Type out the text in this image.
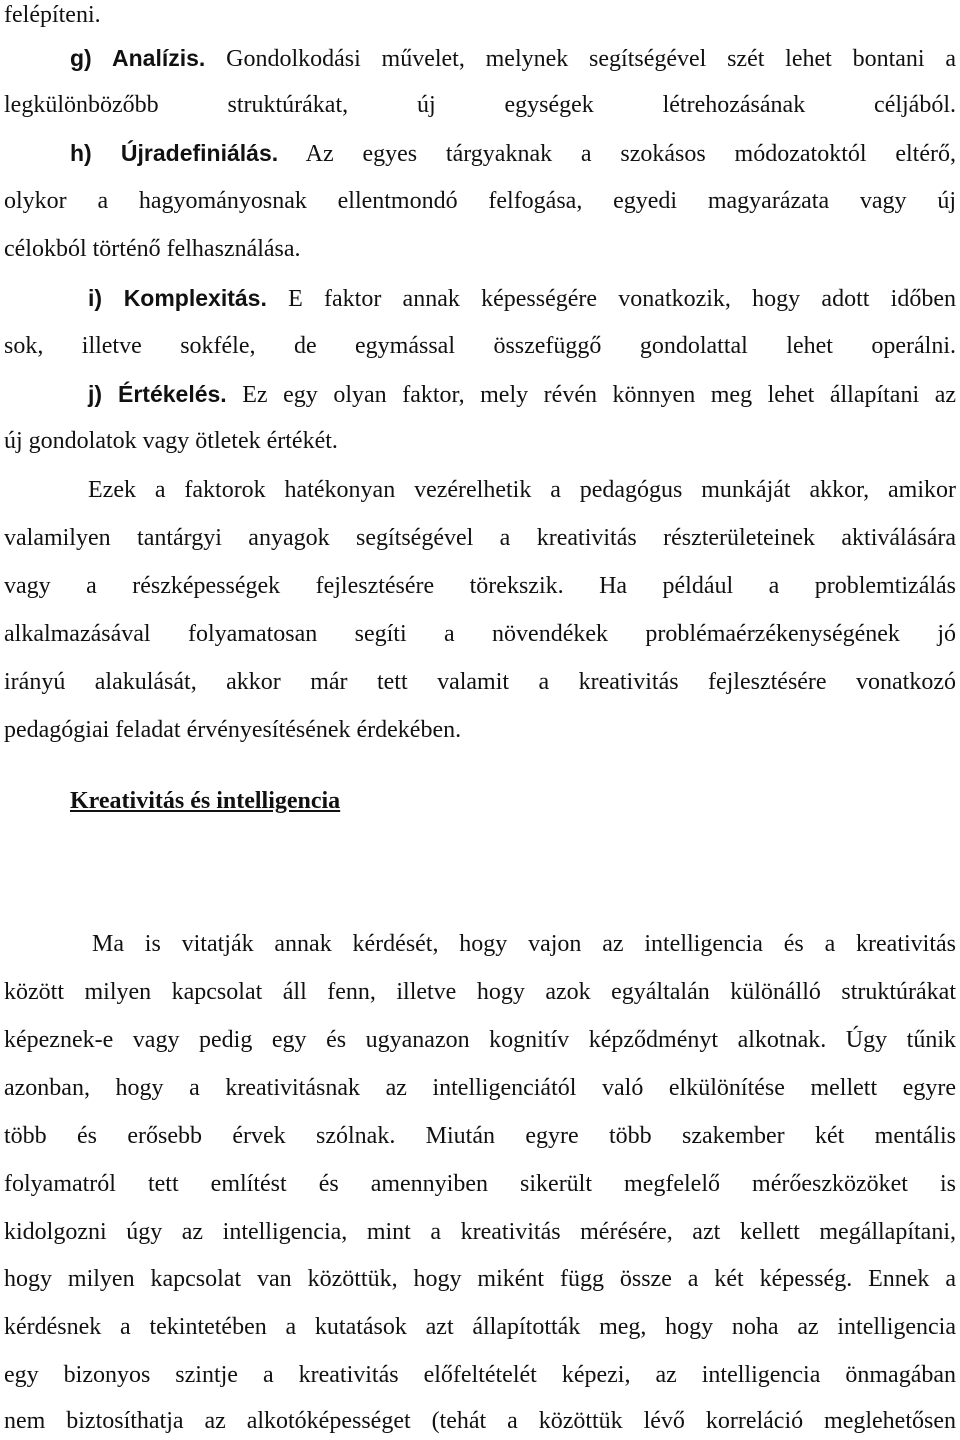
felépíteni.
g) Analízis. Gondolkodási művelet, melynek segítségével szét lehet bontani a
legkülönbözőbb struktúrákat, új egységek létrehozásának céljából.
h) Újradefiniálás. Az egyes tárgyaknak a szokásos módozatoktól eltérő,
olykor a hagyományosnak ellentmondó felfogása, egyedi magyarázata vagy új
célokból történő felhasználása.
i) Komplexitás. E faktor annak képességére vonatkozik, hogy adott időben
sok, illetve sokféle, de egymással összefüggő gondolattal lehet operálni.
j) Értékelés. Ez egy olyan faktor, mely révén könnyen meg lehet állapítani az
új gondolatok vagy ötletek értékét.
Ezek a faktorok hatékonyan vezérelhetik a pedagógus munkáját akkor, amikor
valamilyen tantárgyi anyagok segítségével a kreativitás részterületeinek aktiválására
vagy a részképességek fejlesztésére törekszik. Ha például a problemtizálás
alkalmazásával folyamatosan segíti a növendékek problémaérzékenységének jó
irányú alakulását, akkor már tett valamit a kreativitás fejlesztésére vonatkozó
pedagógiai feladat érvényesítésének érdekében.
Kreativitás és intelligencia
Ma is vitatják annak kérdését, hogy vajon az intelligencia és a kreativitás
között milyen kapcsolat áll fenn, illetve hogy azok egyáltalán különálló struktúrákat
képeznek-e vagy pedig egy és ugyanazon kognitív képződményt alkotnak. Úgy tűnik
azonban, hogy a kreativitásnak az intelligenciától való elkülönítése mellett egyre
több és erősebb érvek szólnak. Miután egyre több szakember két mentális
folyamatról tett említést és amennyiben sikerült megfelelő mérőeszközöket is
kidolgozni úgy az intelligencia, mint a kreativitás mérésére, azt kellett megállapítani,
hogy milyen kapcsolat van közöttük, hogy miként függ össze a két képesség. Ennek a
kérdésnek a tekintetében a kutatások azt állapították meg, hogy noha az intelligencia
egy bizonyos szintje a kreativitás előfeltételét képezi, az intelligencia önmagában
nem biztosíthatja az alkotóképességet (tehát a közöttük lévő korreláció meglehetősen
